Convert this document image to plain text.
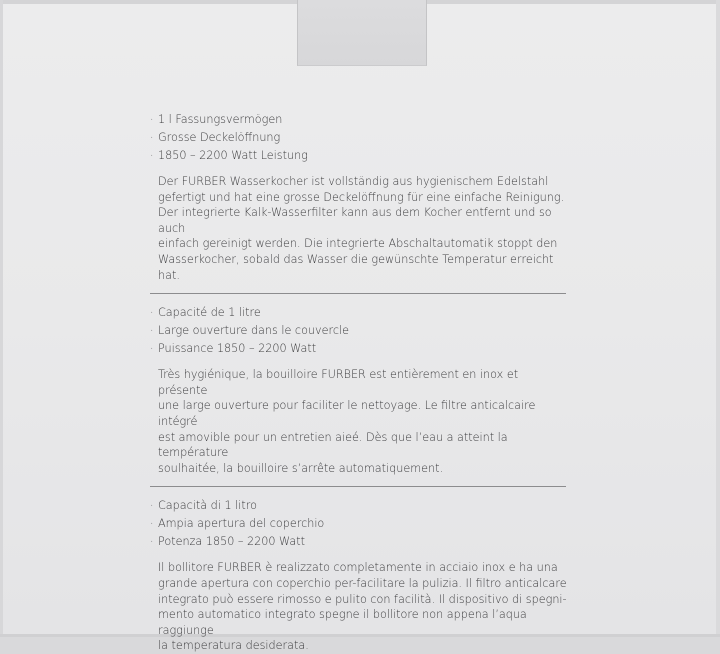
· 1 l Fassungsvermögen
· Grosse Deckelöffnung
· 1850 – 2200 Watt Leistung

Der FURBER Wasserkocher ist vollständig aus hygienischem Edelstahl
gefertigt und hat eine grosse Deckelöffnung für eine einfache Reinigung.
Der integrierte Kalk-Wasserfilter kann aus dem Kocher entfernt und so auch
einfach gereinigt werden. Die integrierte Abschaltautomatik stoppt den
Wasserkocher, sobald das Wasser die gewünschte Temperatur erreicht hat.

· Capacité de 1 litre
· Large ouverture dans le couvercle
· Puissance 1850 – 2200 Watt

Très hygiénique, la bouilloire FURBER est entièrement en inox et présente
une large ouverture pour faciliter le nettoyage. Le filtre anticalcaire intégré
est amovible pour un entretien aieé. Dès que l’eau a atteint la température
soulhaitée, la bouilloire s’arrête automatiquement.

· Capacità di 1 litro
· Ampia apertura del coperchio
· Potenza 1850 – 2200 Watt

Il bollitore FURBER è realizzato completamente in acciaio inox e ha una
grande apertura con coperchio per-facilitare la pulizia. Il filtro anticalcare
integrato può essere rimosso e pulito con facilità. Il dispositivo di spegni-
mento automatico integrato spegne il bollitore non appena l’aqua raggiunge
la temperatura desiderata.
